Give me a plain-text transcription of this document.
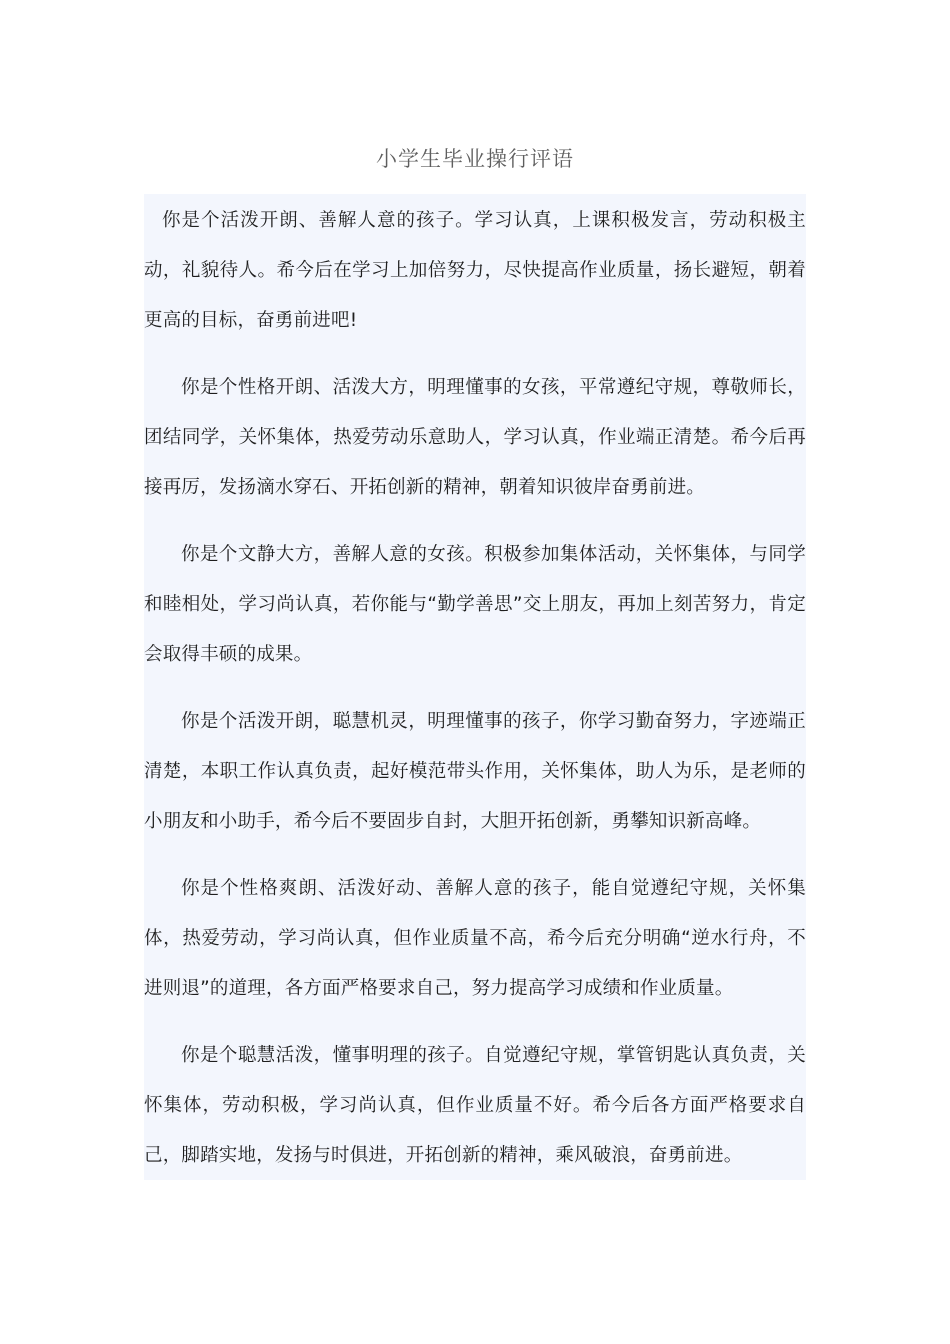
小学生毕业操行评语

你是个活泼开朗、善解人意的孩子。学习认真，上课积极发言，劳动积极主动，礼貌待人。希今后在学习上加倍努力，尽快提高作业质量，扬长避短，朝着更高的目标，奋勇前进吧!

你是个性格开朗、活泼大方，明理懂事的女孩，平常遵纪守规，尊敬师长，团结同学，关怀集体，热爱劳动乐意助人，学习认真，作业端正清楚。希今后再接再厉，发扬滴水穿石、开拓创新的精神，朝着知识彼岸奋勇前进。

你是个文静大方，善解人意的女孩。积极参加集体活动，关怀集体，与同学和睦相处，学习尚认真，若你能与“勤学善思”交上朋友，再加上刻苦努力，肯定会取得丰硕的成果。

你是个活泼开朗，聪慧机灵，明理懂事的孩子，你学习勤奋努力，字迹端正清楚，本职工作认真负责，起好模范带头作用，关怀集体，助人为乐，是老师的小朋友和小助手，希今后不要固步自封，大胆开拓创新，勇攀知识新高峰。

你是个性格爽朗、活泼好动、善解人意的孩子，能自觉遵纪守规，关怀集体，热爱劳动，学习尚认真，但作业质量不高，希今后充分明确“逆水行舟，不进则退”的道理，各方面严格要求自己，努力提高学习成绩和作业质量。

你是个聪慧活泼，懂事明理的孩子。自觉遵纪守规，掌管钥匙认真负责，关怀集体，劳动积极，学习尚认真，但作业质量不好。希今后各方面严格要求自己，脚踏实地，发扬与时俱进，开拓创新的精神，乘风破浪，奋勇前进。
